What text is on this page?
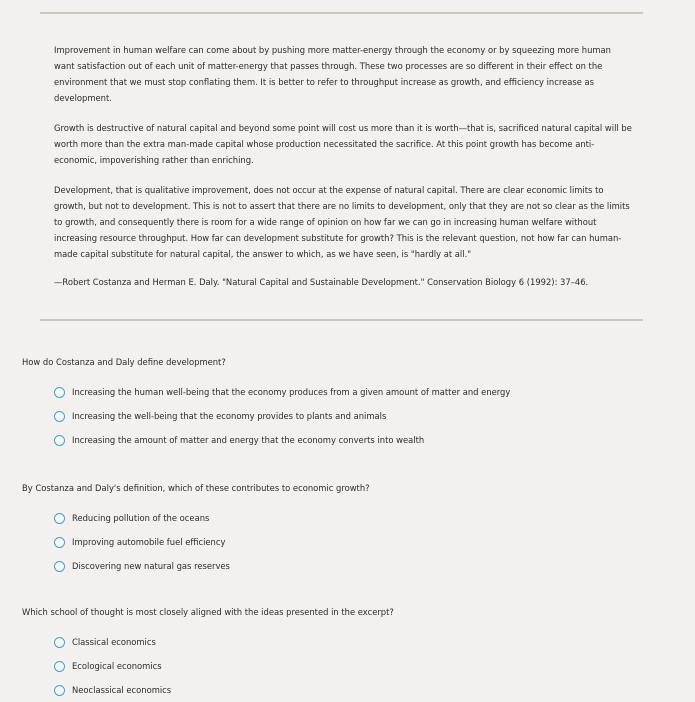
Improvement in human welfare can come about by pushing more matter-energy through the economy or by squeezing more human want satisfaction out of each unit of matter-energy that passes through. These two processes are so different in their effect on the environment that we must stop conflating them. It is better to refer to throughput increase as growth, and efficiency increase as development.

Growth is destructive of natural capital and beyond some point will cost us more than it is worth—that is, sacrificed natural capital will be worth more than the extra man-made capital whose production necessitated the sacrifice. At this point growth has become anti-economic, impoverishing rather than enriching.

Development, that is qualitative improvement, does not occur at the expense of natural capital. There are clear economic limits to growth, but not to development. This is not to assert that there are no limits to development, only that they are not so clear as the limits to growth, and consequently there is room for a wide range of opinion on how far we can go in increasing human welfare without increasing resource throughput. How far can development substitute for growth? This is the relevant question, not how far can human-made capital substitute for natural capital, the answer to which, as we have seen, is "hardly at all."

—Robert Costanza and Herman E. Daly. "Natural Capital and Sustainable Development." Conservation Biology 6 (1992): 37–46.

How do Costanza and Daly define development?
Increasing the human well-being that the economy produces from a given amount of matter and energy
Increasing the well-being that the economy provides to plants and animals
Increasing the amount of matter and energy that the economy converts into wealth
By Costanza and Daly's definition, which of these contributes to economic growth?
Reducing pollution of the oceans
Improving automobile fuel efficiency
Discovering new natural gas reserves
Which school of thought is most closely aligned with the ideas presented in the excerpt?
Classical economics
Ecological economics
Neoclassical economics
